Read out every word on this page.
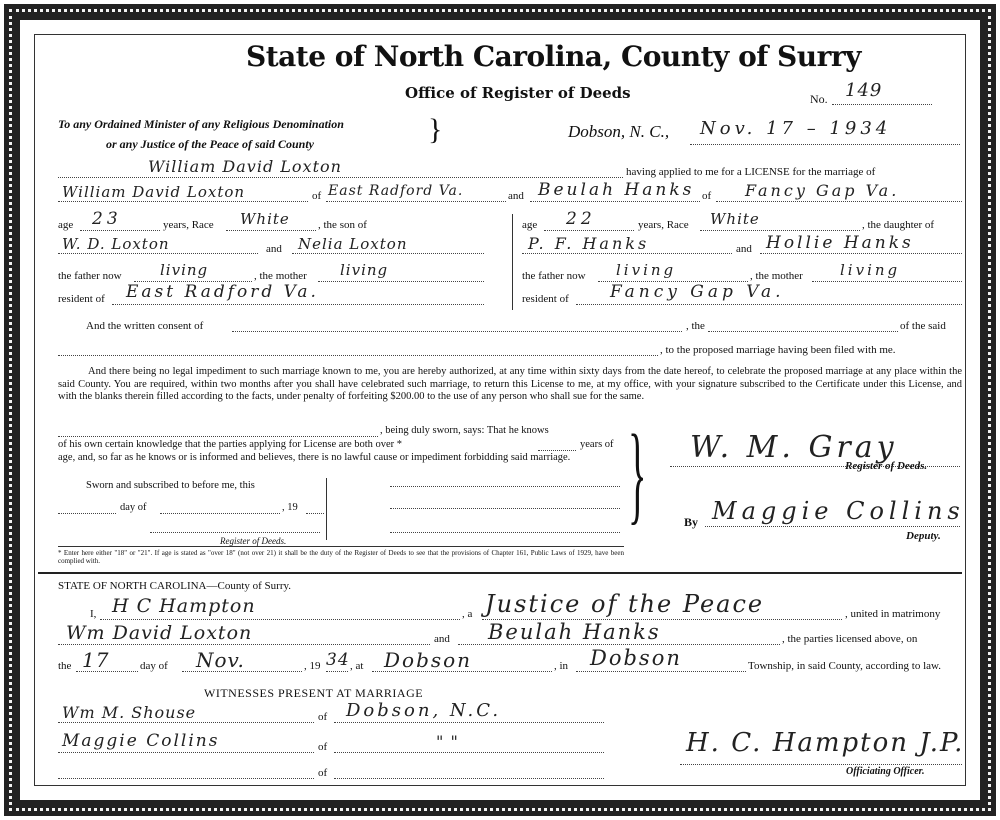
State of North Carolina, County of Surry
Office of Register of Deeds	No. 149
To any Ordained Minister of any Religious Denomination
or any Justice of the Peace of said County	}	Dobson, N. C., Nov. 17 – 1934
William David Loxton	having applied to me for a LICENSE for the marriage of
William David Loxton	of East Radford Va.	and Beulah Hanks of Fancy Gap Va.
age 23	years, Race White	, the son of
W. D. Loxton	and Nelia Loxton
the father now	living	, the mother living
resident of East Radford Va.
age 22	years, Race White	, the daughter of
P. F. Hanks	and Hollie Hanks
the father now living	, the mother living
resident of Fancy Gap Va.
And the written consent of	, the	of the said
, to the proposed marriage having been filed with me.
And there being no legal impediment to such marriage known to me, you are hereby authorized, at any time within sixty days from the date hereof, to celebrate the proposed marriage at any place within the said County. You are required, within two months after you shall have celebrated such marriage, to return this License to me, at my office, with your signature subscribed to the Certificate under this License, and with the blanks therein filled according to the facts, under penalty of forfeiting $200.00 to the use of any person who shall sue for the same.
, being duly sworn, says: That he knows
of his own certain knowledge that the parties applying for License are both over *	years of
age, and, so far as he knows or is informed and believes, there is no lawful cause or impediment forbidding said marriage.
Sworn and subscribed to before me, this
day of	, 19
Register of Deeds.
* Enter here either "18" or "21". If age is stated as "over 18" (not over 21) it shall be the duty of the Register of Deeds to see that the provisions of Chapter 161, Public Laws of 1929, have been complied with.
} W. M. Gray
Register of Deeds.
By Maggie Collins
Deputy.
STATE OF NORTH CAROLINA—County of Surry.
I, H C Hampton	, a Justice of the Peace	, united in matrimony
Wm David Loxton	and Beulah Hanks	, the parties licensed above, on
the 17	day of Nov.	, 19 34 , at Dobson	, in Dobson	Township, in said County, according to law.
WITNESSES PRESENT AT MARRIAGE
Wm M. Shouse	of Dobson, N.C.
Maggie Collins	of	" "
of
H. C. Hampton J.P.
Officiating Officer.
